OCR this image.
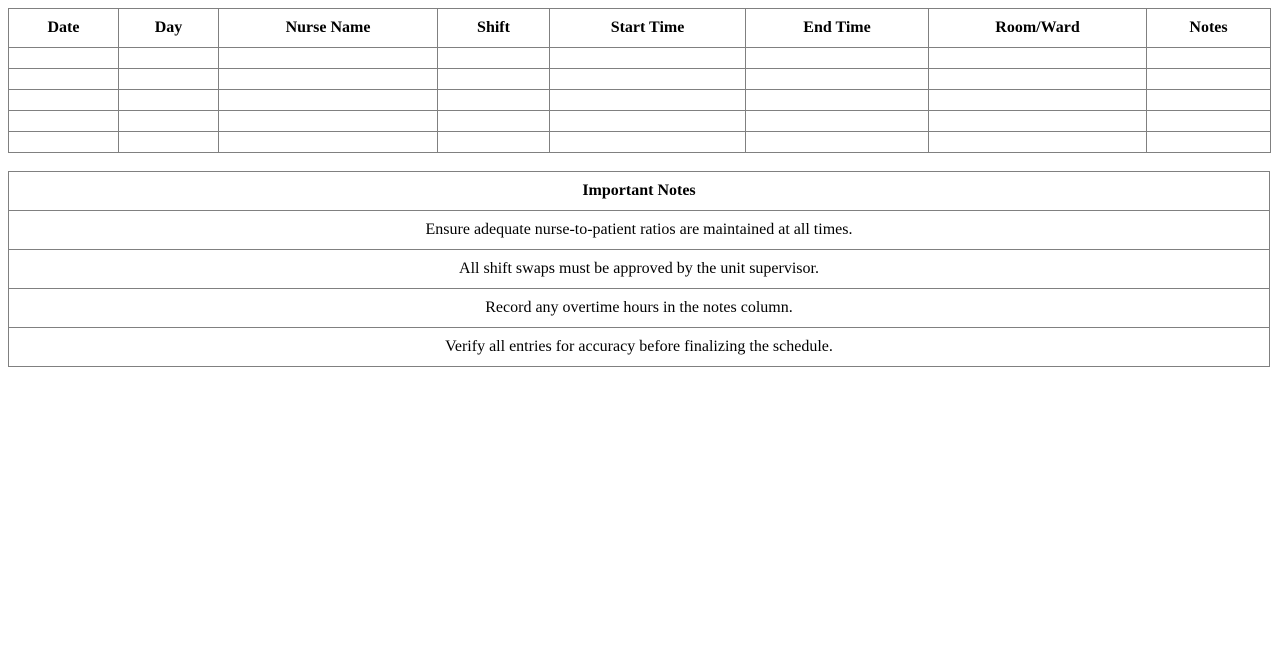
Date	Day	Nurse Name	Shift	Start Time	End Time	Room/Ward	Notes

Important Notes
Ensure adequate nurse-to-patient ratios are maintained at all times.
All shift swaps must be approved by the unit supervisor.
Record any overtime hours in the notes column.
Verify all entries for accuracy before finalizing the schedule.
